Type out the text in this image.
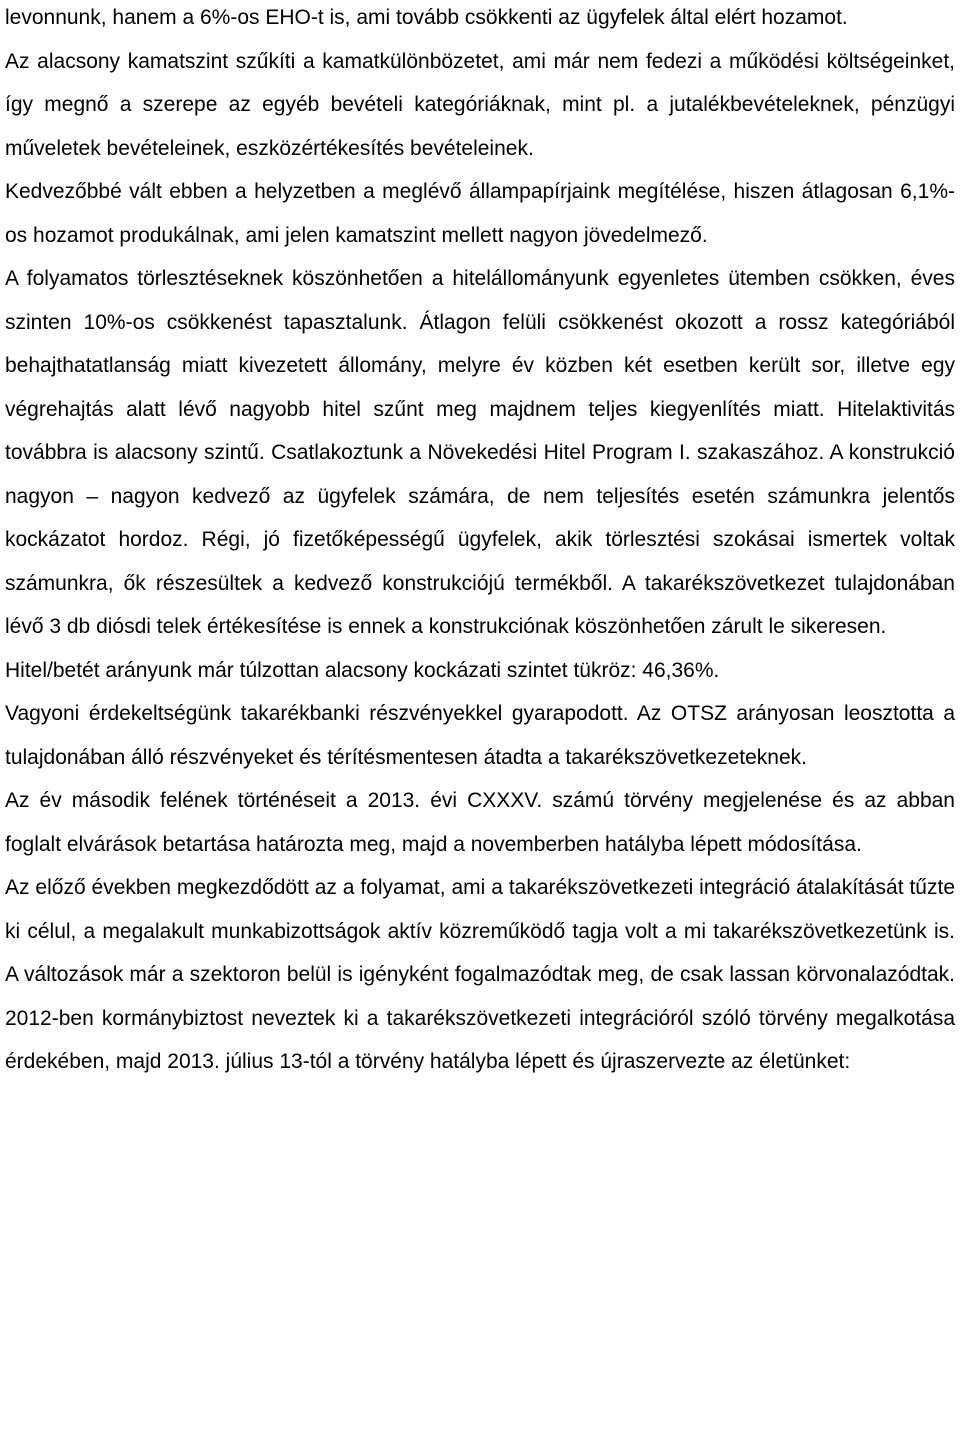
levonnunk, hanem a 6%-os EHO-t is, ami tovább csökkenti az ügyfelek által elért hozamot.

Az alacsony kamatszint szűkíti a kamatkülönbözetet, ami már nem fedezi a működési költségeinket, így megnő a szerepe az egyéb bevételi kategóriáknak, mint pl. a jutalékbevételeknek, pénzügyi műveletek bevételeinek, eszközértékesítés bevételeinek.

Kedvezőbbé vált ebben a helyzetben a meglévő állampapírjaink megítélése, hiszen átlagosan 6,1%-os hozamot produkálnak, ami jelen kamatszint mellett nagyon jövedelmező.

A folyamatos törlesztéseknek köszönhetően a hitelállományunk egyenletes ütemben csökken, éves szinten 10%-os csökkenést tapasztalunk. Átlagon felüli csökkenést okozott a rossz kategóriából behajthatatlanság miatt kivezetett állomány, melyre év közben két esetben került sor, illetve egy végrehajtás alatt lévő nagyobb hitel szűnt meg majdnem teljes kiegyenlítés miatt. Hitelaktivitás továbbra is alacsony szintű. Csatlakoztunk a Növekedési Hitel Program I. szakaszához. A konstrukció nagyon – nagyon kedvező az ügyfelek számára, de nem teljesítés esetén számunkra jelentős kockázatot hordoz. Régi, jó fizetőképességű ügyfelek, akik törlesztési szokásai ismertek voltak számunkra, ők részesültek a kedvező konstrukciójú termékből. A takarékszövetkezet tulajdonában lévő 3 db diósdi telek értékesítése is ennek a konstrukciónak köszönhetően zárult le sikeresen.

Hitel/betét arányunk már túlzottan alacsony kockázati szintet tükröz: 46,36%.

Vagyoni érdekeltségünk takarékbanki részvényekkel gyarapodott. Az OTSZ arányosan leosztotta a tulajdonában álló részvényeket és térítésmentesen átadta a takarékszövetkezeteknek.

Az év második felének történéseit a 2013. évi CXXXV. számú törvény megjelenése és az abban foglalt elvárások betartása határozta meg, majd a novemberben hatályba lépett módosítása.

Az előző években megkezdődött az a folyamat, ami a takarékszövetkezeti integráció átalakítását tűzte ki célul, a megalakult munkabizottságok aktív közreműködő tagja volt a mi takarékszövetkezetünk is. A változások már a szektoron belül is igényként fogalmazódtak meg, de csak lassan körvonalazódtak. 2012-ben kormánybiztost neveztek ki a takarékszövetkezeti integrációról szóló törvény megalkotása érdekében, majd 2013. július 13-tól a törvény hatályba lépett és újraszervezte az életünket:
